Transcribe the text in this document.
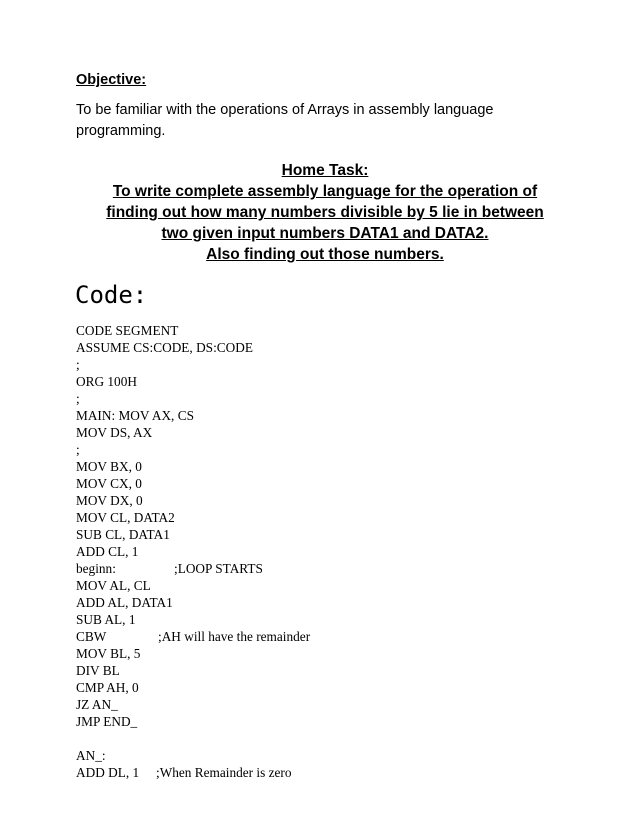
Objective:
To be familiar with the operations of Arrays in assembly language
programming.
Home Task:
To write complete assembly language for the operation of
finding out how many numbers divisible by 5 lie in between
two given input numbers DATA1 and DATA2.
Also finding out those numbers.
Code:
CODE SEGMENT
ASSUME CS:CODE, DS:CODE
;
ORG 100H
;
MAIN: MOV AX, CS
MOV DS, AX
;
MOV BX, 0
MOV CX, 0
MOV DX, 0
MOV CL, DATA2
SUB CL, DATA1
ADD CL, 1
beginn:	;LOOP STARTS
MOV AL, CL
ADD AL, DATA1
SUB AL, 1
CBW	;AH will have the remainder
MOV BL, 5
DIV BL
CMP AH, 0
JZ AN_
JMP END_
AN_:
ADD DL, 1 ;When Remainder is zero
